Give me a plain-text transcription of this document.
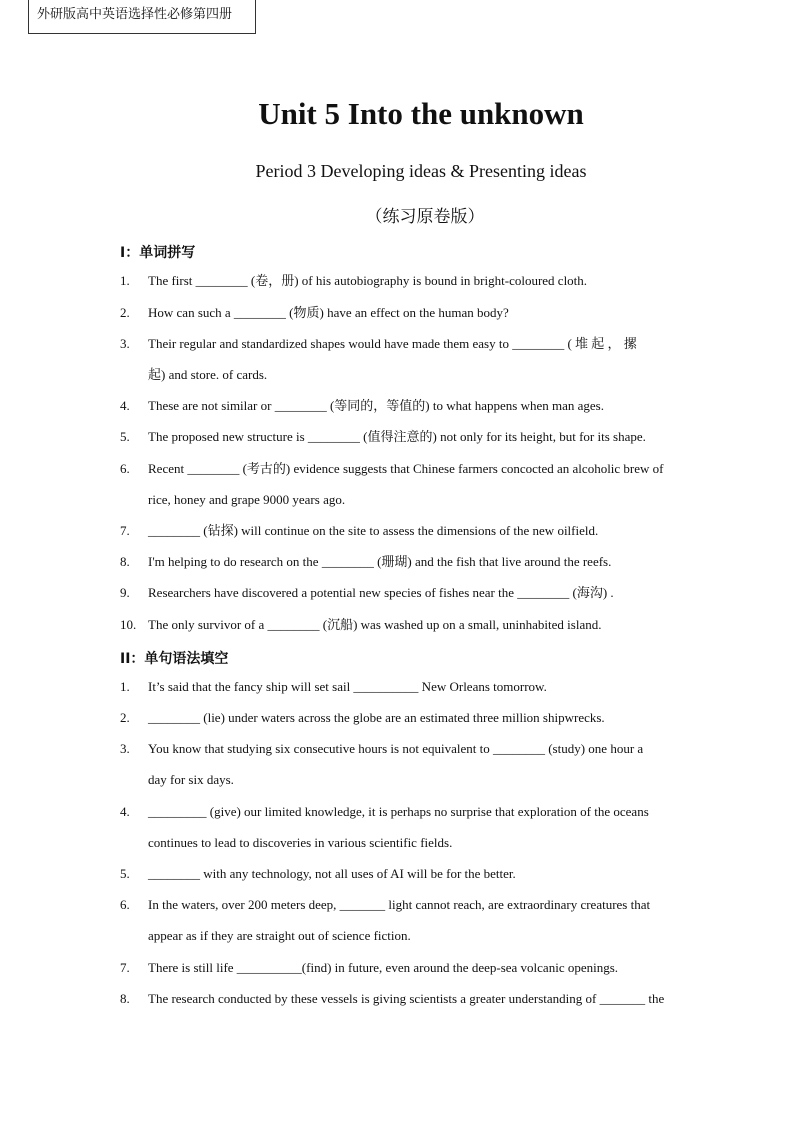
外研版高中英语选择性必修第四册
Unit 5 Into the unknown
Period 3 Developing ideas & Presenting ideas
（练习原卷版）
I：单词拼写
1. The first ________ (卷，册) of his autobiography is bound in bright-coloured cloth.
2. How can such a ________ (物质) have an effect on the human body?
3. Their regular and standardized shapes would have made them easy to ________ ( 堆 起 ， 摞
起) and store. of cards.
4. These are not similar or ________ (等同的，等值的) to what happens when man ages.
5. The proposed new structure is ________ (值得注意的) not only for its height, but for its shape.
6. Recent ________ (考古的) evidence suggests that Chinese farmers concocted an alcoholic brew of
rice, honey and grape 9000 years ago.
7. ________ (钻探) will continue on the site to assess the dimensions of the new oilfield.
8. I'm helping to do research on the ________ (珊瑚) and the fish that live around the reefs.
9. Researchers have discovered a potential new species of fishes near the ________ (海沟) .
10. The only survivor of a ________ (沉船) was washed up on a small, uninhabited island.
II：单句语法填空
1. It’s said that the fancy ship will set sail __________ New Orleans tomorrow.
2. ________ (lie) under waters across the globe are an estimated three million shipwrecks.
3. You know that studying six consecutive hours is not equivalent to ________ (study) one hour a
day for six days.
4. _________ (give) our limited knowledge, it is perhaps no surprise that exploration of the oceans
continues to lead to discoveries in various scientific fields.
5. ________ with any technology, not all uses of AI will be for the better.
6. In the waters, over 200 meters deep, _______ light cannot reach, are extraordinary creatures that
appear as if they are straight out of science fiction.
7. There is still life __________(find) in future, even around the deep-sea volcanic openings.
8. The research conducted by these vessels is giving scientists a greater understanding of _______ the
